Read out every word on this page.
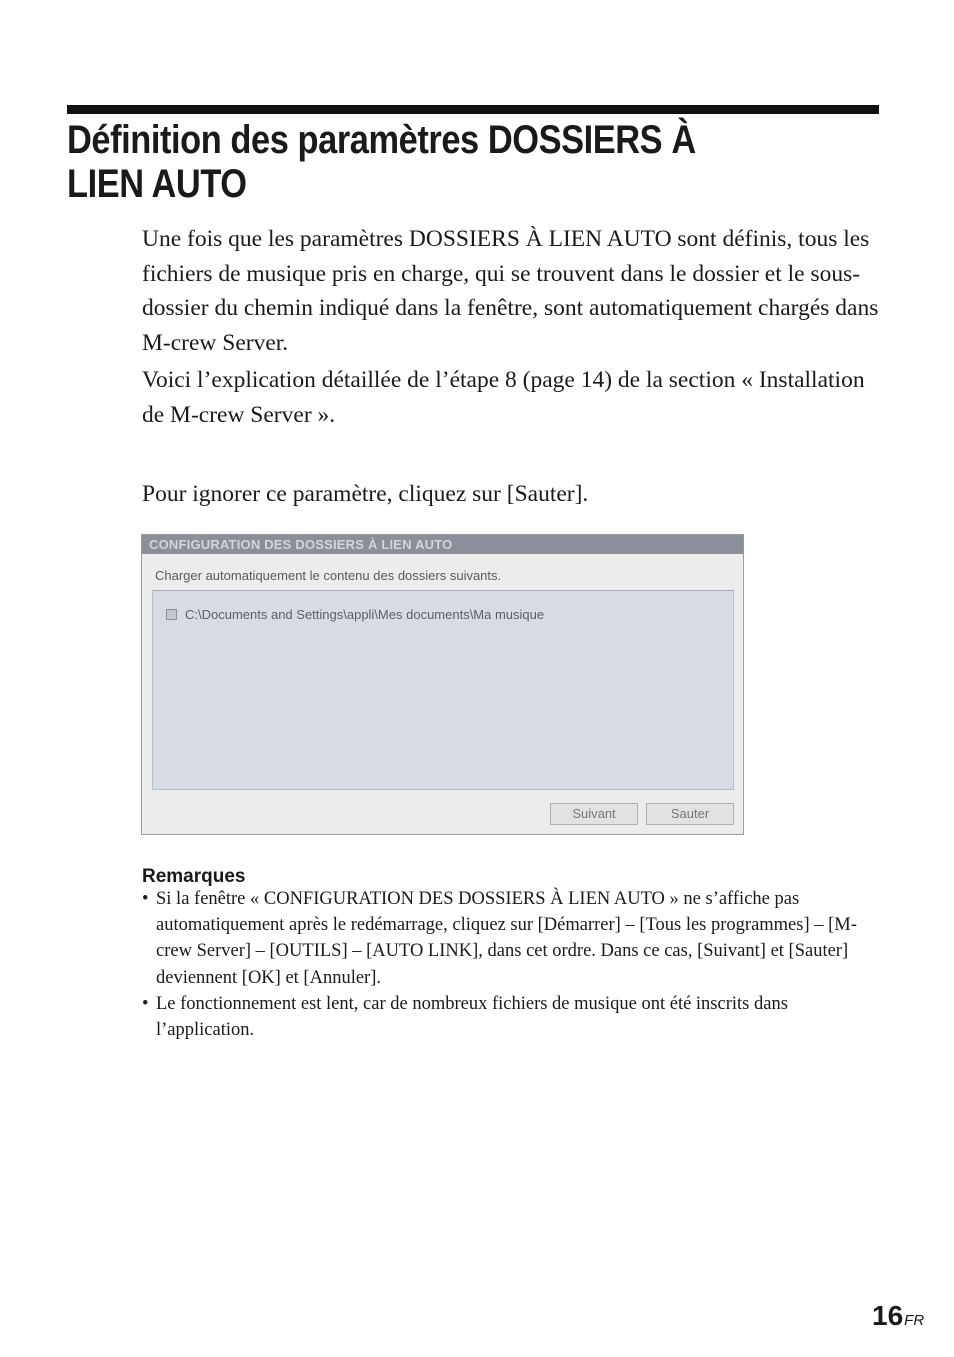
Définition des paramètres DOSSIERS À LIEN AUTO

Une fois que les paramètres DOSSIERS À LIEN AUTO sont définis, tous les fichiers de musique pris en charge, qui se trouvent dans le dossier et le sous-dossier du chemin indiqué dans la fenêtre, sont automatiquement chargés dans M-crew Server.

Voici l’explication détaillée de l’étape 8 (page 14) de la section « Installation de M-crew Server ».

Pour ignorer ce paramètre, cliquez sur [Sauter].

CONFIGURATION DES DOSSIERS À LIEN AUTO
Charger automatiquement le contenu des dossiers suivants.
C:\Documents and Settings\appli\Mes documents\Ma musique
Suivant	Sauter
Remarques
• Si la fenêtre « CONFIGURATION DES DOSSIERS À LIEN AUTO » ne s’affiche pas automatiquement après le redémarrage, cliquez sur [Démarrer] – [Tous les programmes] – [M-crew Server] – [OUTILS] – [AUTO LINK], dans cet ordre. Dans ce cas, [Suivant] et [Sauter] deviennent [OK] et [Annuler].
• Le fonctionnement est lent, car de nombreux fichiers de musique ont été inscrits dans l’application.
16FR
